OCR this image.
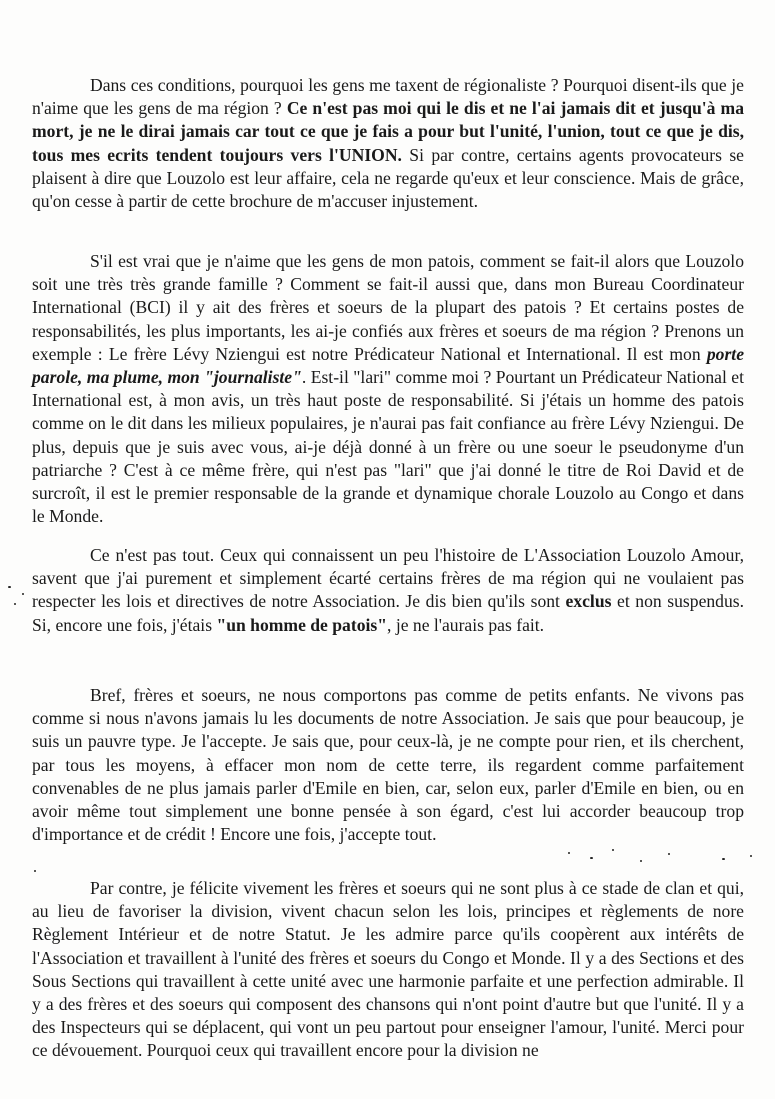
Dans ces conditions, pourquoi les gens me taxent de régionaliste ? Pourquoi disent-ils que je n'aime que les gens de ma région ? Ce n'est pas moi qui le dis et ne l'ai jamais dit et jusqu'à ma mort, je ne le dirai jamais car tout ce que je fais a pour but l'unité, l'union, tout ce que je dis, tous mes ecrits tendent toujours vers l'UNION. Si par contre, certains agents provocateurs se plaisent à dire que Louzolo est leur affaire, cela ne regarde qu'eux et leur conscience. Mais de grâce, qu'on cesse à partir de cette brochure de m'accuser injustement.

S'il est vrai que je n'aime que les gens de mon patois, comment se fait-il alors que Louzolo soit une très très grande famille ? Comment se fait-il aussi que, dans mon Bureau Coordinateur International (BCI) il y ait des frères et soeurs de la plupart des patois ? Et certains postes de responsabilités, les plus importants, les ai-je confiés aux frères et soeurs de ma région ? Prenons un exemple : Le frère Lévy Nziengui est notre Prédicateur National et International. Il est mon porte parole, ma plume, mon "journaliste". Est-il "lari" comme moi ? Pourtant un Prédicateur National et International est, à mon avis, un très haut poste de responsabilité. Si j'étais un homme des patois comme on le dit dans les milieux populaires, je n'aurai pas fait confiance au frère Lévy Nziengui. De plus, depuis que je suis avec vous, ai-je déjà donné à un frère ou une soeur le pseudonyme d'un patriarche ? C'est à ce même frère, qui n'est pas "lari" que j'ai donné le titre de Roi David et de surcroît, il est le premier responsable de la grande et dynamique chorale Louzolo au Congo et dans le Monde.

Ce n'est pas tout. Ceux qui connaissent un peu l'histoire de L'Association Louzolo Amour, savent que j'ai purement et simplement écarté certains frères de ma région qui ne voulaient pas respecter les lois et directives de notre Association. Je dis bien qu'ils sont exclus et non suspendus. Si, encore une fois, j'étais "un homme de patois", je ne l'aurais pas fait.

Bref, frères et soeurs, ne nous comportons pas comme de petits enfants. Ne vivons pas comme si nous n'avons jamais lu les documents de notre Association. Je sais que pour beaucoup, je suis un pauvre type. Je l'accepte. Je sais que, pour ceux-là, je ne compte pour rien, et ils cherchent, par tous les moyens, à effacer mon nom de cette terre, ils regardent comme parfaitement convenables de ne plus jamais parler d'Emile en bien, car, selon eux, parler d'Emile en bien, ou en avoir même tout simplement une bonne pensée à son égard, c'est lui accorder beaucoup trop d'importance et de crédit ! Encore une fois, j'accepte tout.

Par contre, je félicite vivement les frères et soeurs qui ne sont plus à ce stade de clan et qui, au lieu de favoriser la division, vivent chacun selon les lois, principes et règlements de nore Règlement Intérieur et de notre Statut. Je les admire parce qu'ils coopèrent aux intérêts de l'Association et travaillent à l'unité des frères et soeurs du Congo et Monde. Il y a des Sections et des Sous Sections qui travaillent à cette unité avec une harmonie parfaite et une perfection admirable. Il y a des frères et des soeurs qui composent des chansons qui n'ont point d'autre but que l'unité. Il y a des Inspecteurs qui se déplacent, qui vont un peu partout pour enseigner l'amour, l'unité. Merci pour ce dévouement. Pourquoi ceux qui travaillent encore pour la division ne
